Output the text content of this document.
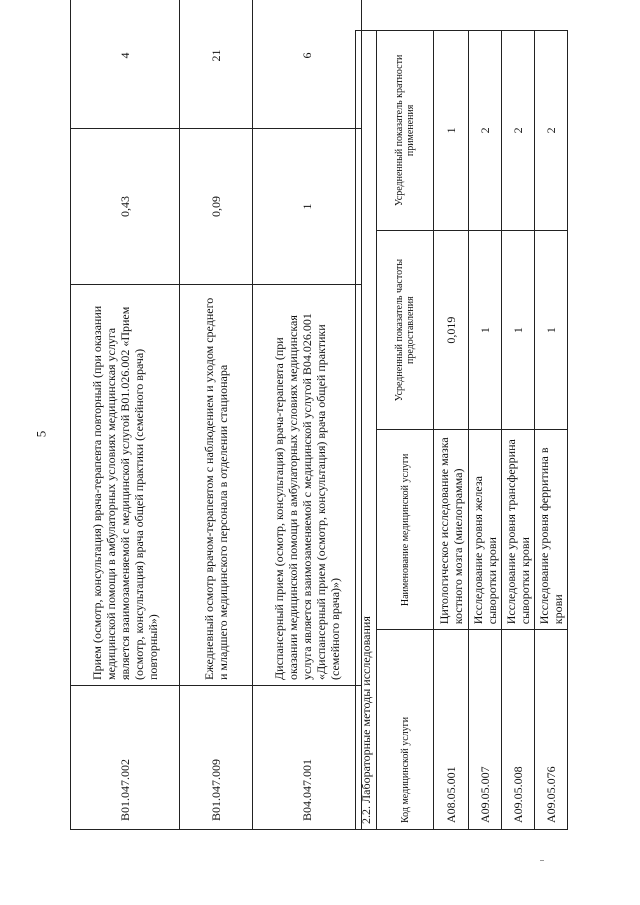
5
B01.047.002	Прием (осмотр, консультация) врача-терапевта повторный (при оказании медицинской помощи в амбулаторных условиях медицинская услуга является взаимозаменяемой с медицинской услугой B01.026.002 «Прием (осмотр, консультация) врача общей практики (семейного врача) повторный»)	0,43	4
B01.047.009	Ежедневный осмотр врачом-терапевтом с наблюдением и уходом среднего и младшего медицинского персонала в отделении стационара	0,09	21
B04.047.001	Диспансерный прием (осмотр, консультация) врача-терапевта (при оказании медицинской помощи в амбулаторных условиях медицинская услуга является взаимозаменяемой с медицинской услугой B04.026.001 «Диспансерный прием (осмотр, консультация) врача общей практики (семейного врача)»)	1	6
2.2. Лабораторные методы исследования			
Код медицинской услуги	Наименование медицинской услуги	Усредненный показатель частоты предоставления	Усредненный показатель кратности применения
A08.05.001	Цитологическое исследование мазка костного мозга (миелограмма)	0,019	1
A09.05.007	Исследование уровня железа сыворотки крови	1	2
A09.05.008	Исследование уровня трансферрина сыворотки крови	1	2
A09.05.076	Исследование уровня ферритина в крови	1	2
